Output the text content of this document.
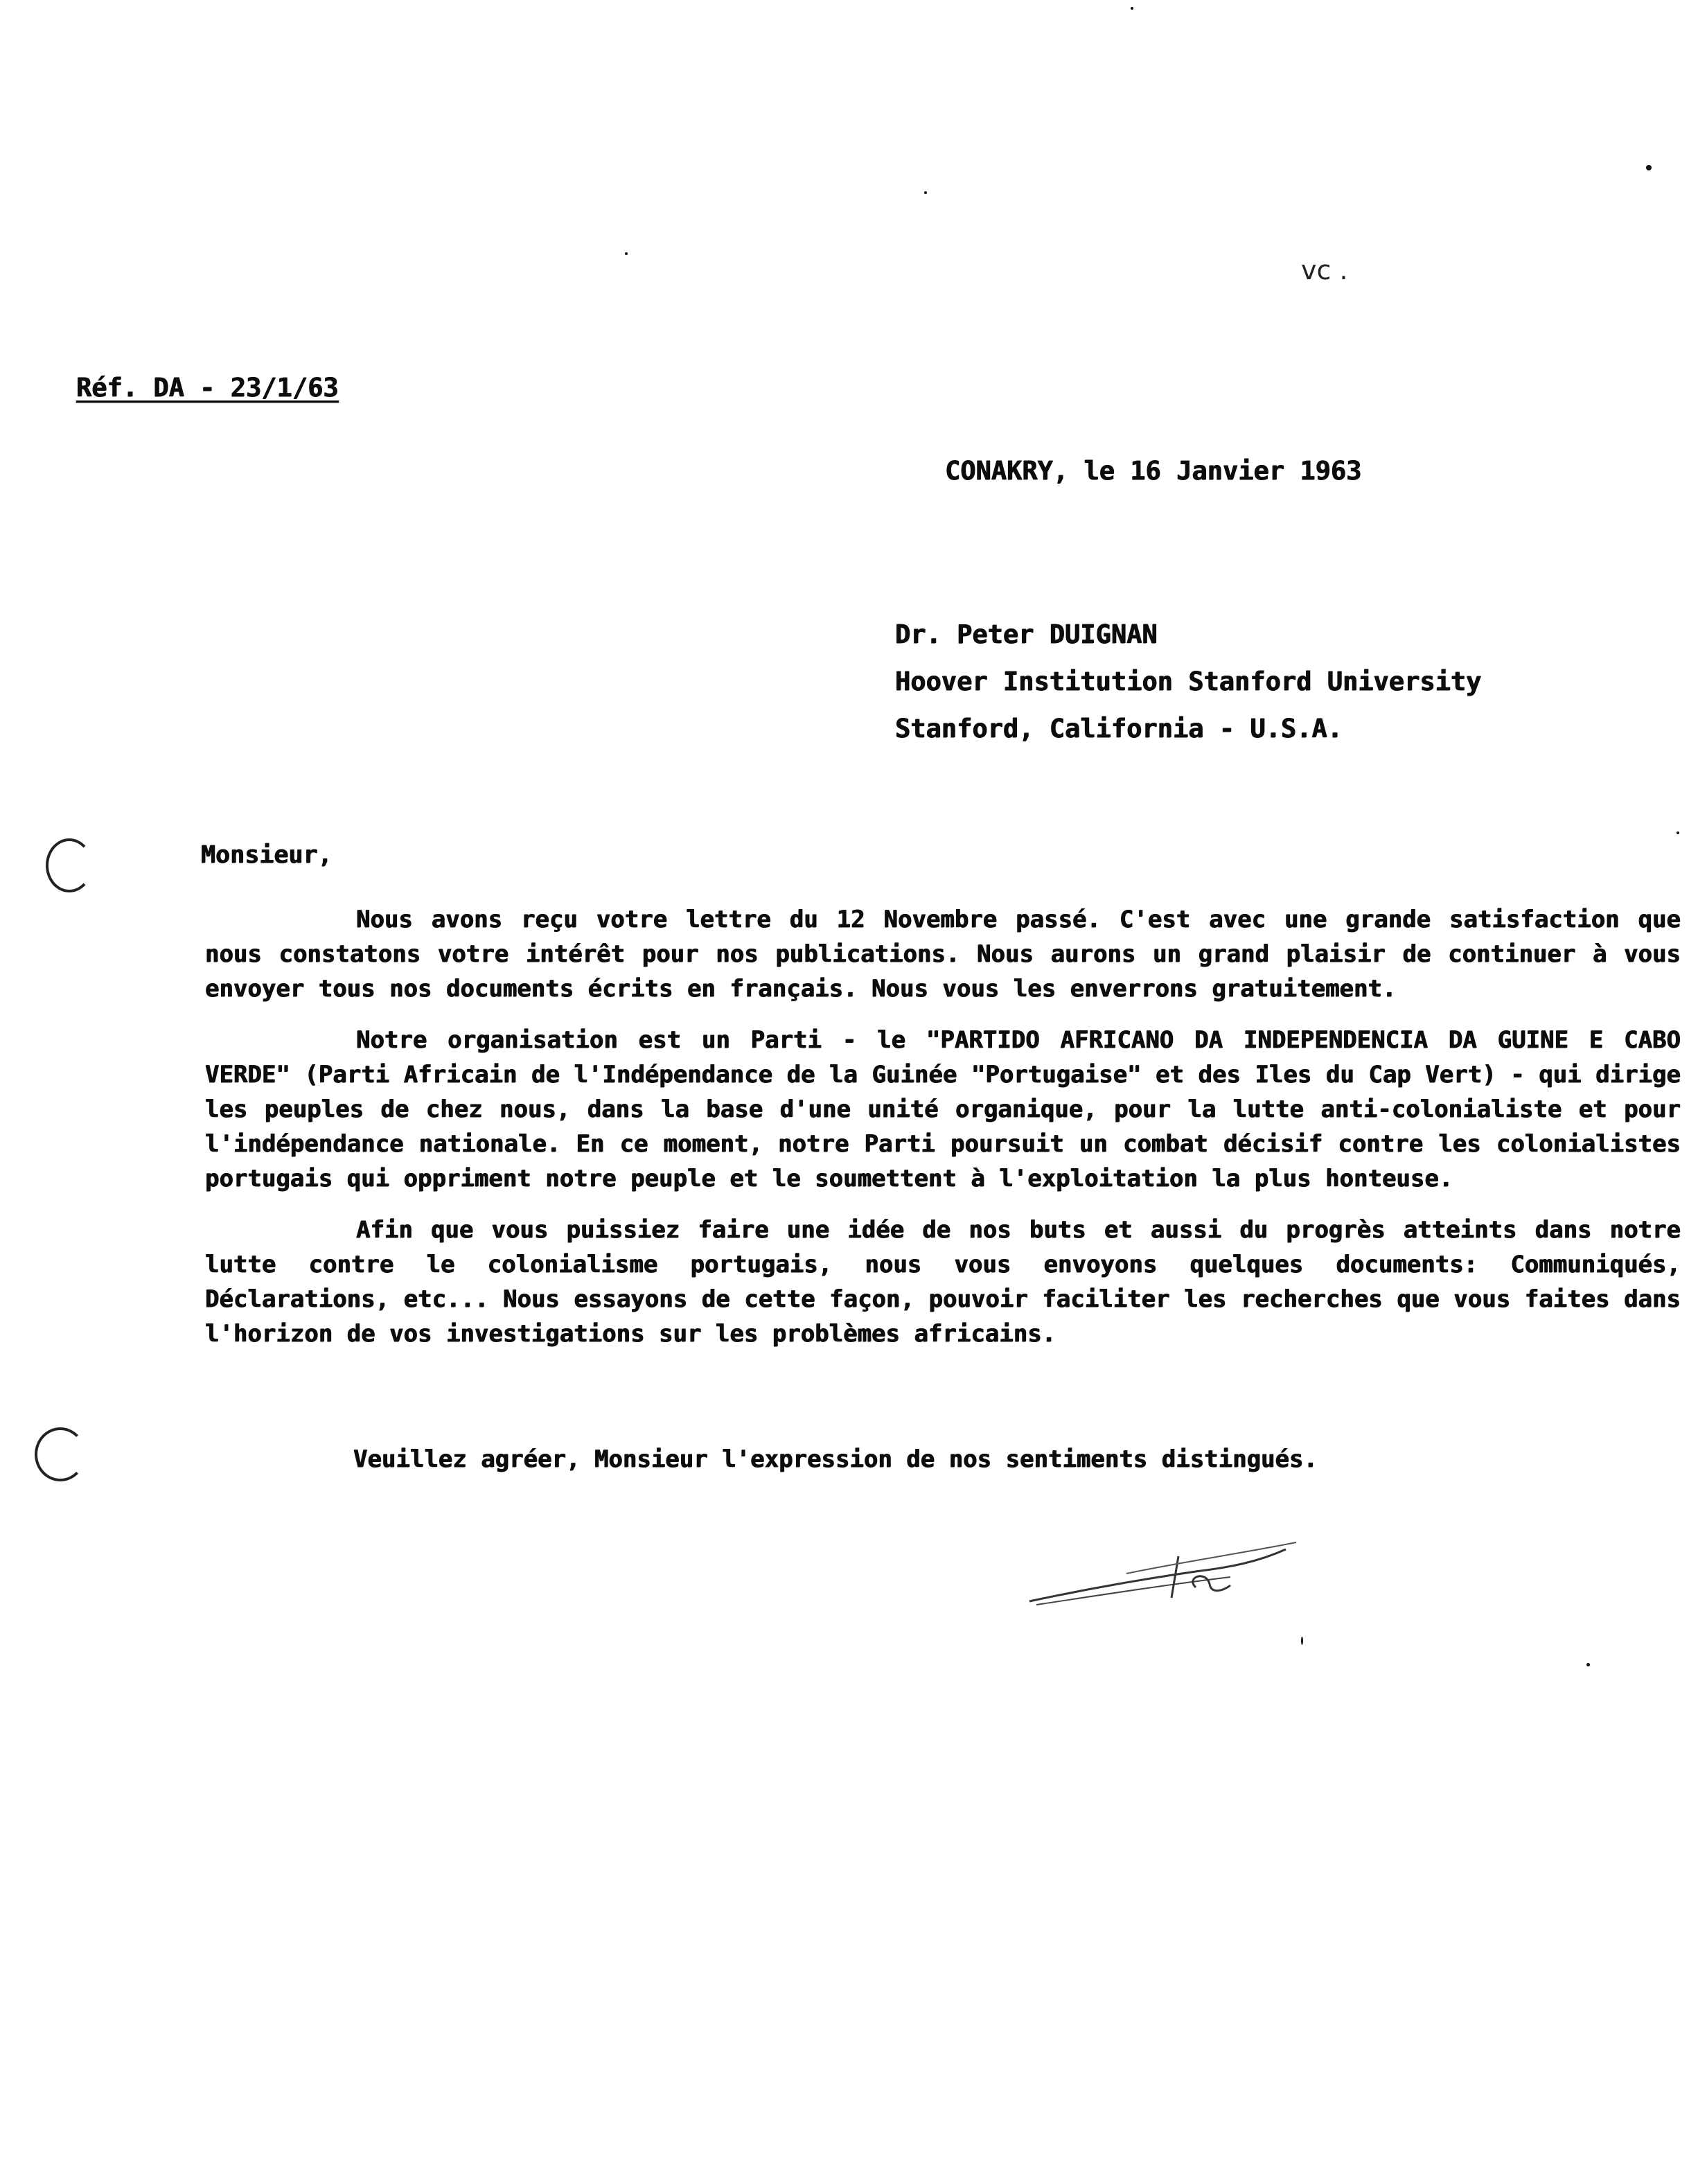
vc .
Réf. DA - 23/1/63
CONAKRY, le 16 Janvier 1963
Dr. Peter DUIGNAN
Hoover Institution Stanford University
Stanford, California - U.S.A.
Monsieur,

Nous avons reçu votre lettre du 12 Novembre passé. C'est avec une grande satisfaction que nous constatons votre intérêt pour nos publications. Nous aurons un grand plaisir de continuer à vous envoyer tous nos documents écrits en français. Nous vous les enverrons gratuitement.

Notre organisation est un Parti - le "PARTIDO AFRICANO DA INDEPENDENCIA DA GUINE E CABO VERDE" (Parti Africain de l'Indépendance de la Guinée "Portugaise" et des Iles du Cap Vert) - qui dirige les peuples de chez nous, dans la base d'une unité organique, pour la lutte anti-colonialiste et pour l'indépendance nationale. En ce moment, notre Parti poursuit un combat décisif contre les colonialistes portugais qui oppriment notre peuple et le soumettent à l'exploitation la plus honteuse.

Afin que vous puissiez faire une idée de nos buts et aussi du progrès atteints dans notre lutte contre le colonialisme portugais, nous vous envoyons quelques documents: Communiqués, Déclarations, etc... Nous essayons de cette façon, pouvoir faciliter les recherches que vous faites dans l'horizon de vos investigations sur les problèmes africains.

Veuillez agréer, Monsieur l'expression de nos sentiments distingués.
